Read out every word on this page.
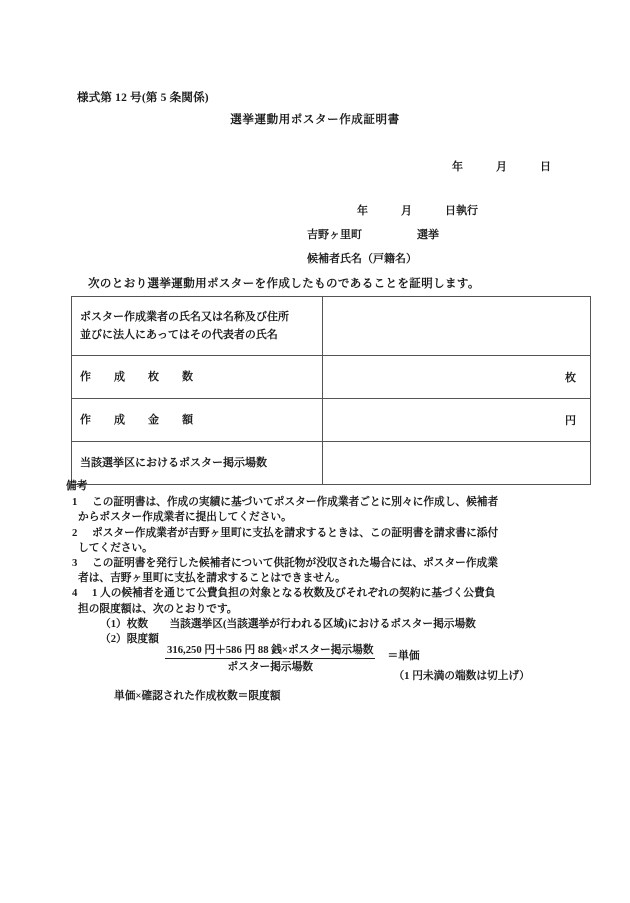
様式第 12 号(第 5 条関係)
選挙運動用ポスター作成証明書
年　　　月　　　日
年　　　月　　　日執行
吉野ヶ里町　　　　　選挙
候補者氏名（戸籍名）
次のとおり選挙運動用ポスターを作成したものであることを証明します。
ポスター作成業者の氏名又は名称及び住所
並びに法人にあってはその代表者の氏名	

作　成　枚　数	枚
作　成　金　額	円
当該選挙区におけるポスター掲示場数	
備考
1 この証明書は、作成の実績に基づいてポスター作成業者ごとに別々に作成し、候補者
からポスター作成業者に提出してください。
2 ポスター作成業者が吉野ヶ里町に支払を請求するときは、この証明書を請求書に添付
してください。
3 この証明書を発行した候補者について供託物が没収された場合には、ポスター作成業
者は、吉野ヶ里町に支払を請求することはできません。
4 1 人の候補者を通じて公費負担の対象となる枚数及びそれぞれの契約に基づく公費負
担の限度額は、次のとおりです。
（1）枚数　　当該選挙区(当該選挙が行われる区域)におけるポスター掲示場数
（2）限度額
$\frac{\text{316,250 円＋586 円 88 銭×ポスター掲示場数}}{\text{ポスター掲示場数}}$ ＝単価
（1 円未満の端数は切上げ）
単価×確認された作成枚数＝限度額
